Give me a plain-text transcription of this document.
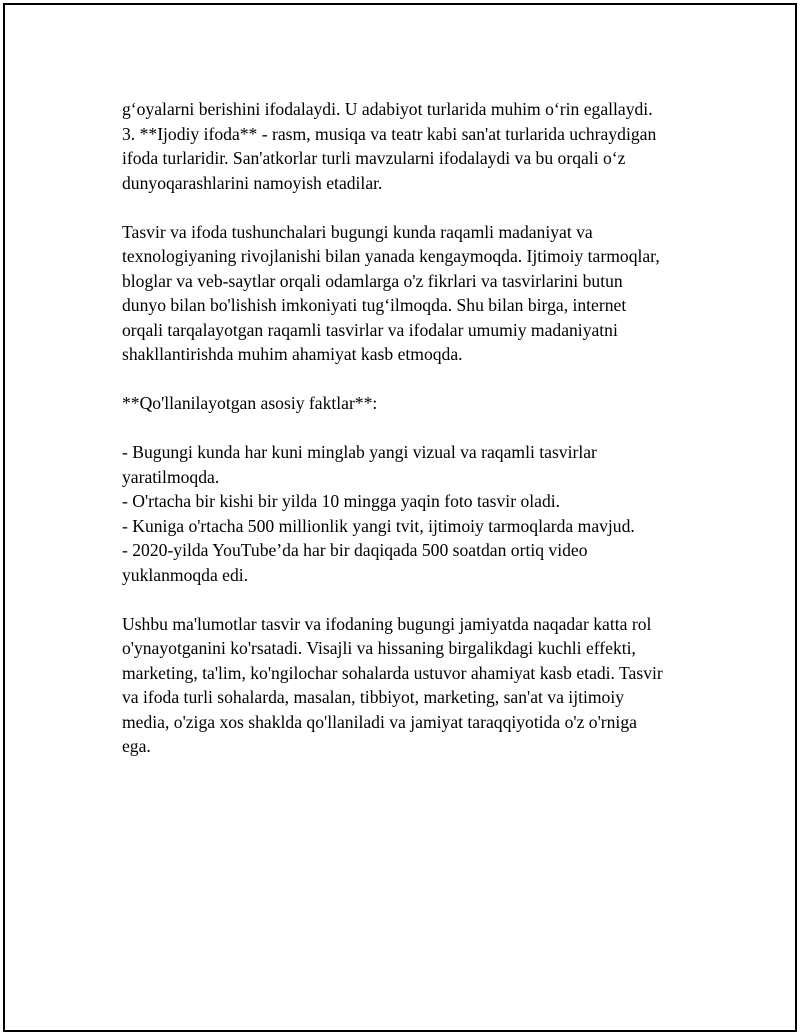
g‘oyalarni berishini ifodalaydi. U adabiyot turlarida muhim o‘rin egallaydi.
3. **Ijodiy ifoda** - rasm, musiqa va teatr kabi san'at turlarida uchraydigan
ifoda turlaridir. San'atkorlar turli mavzularni ifodalaydi va bu orqali o‘z
dunyoqarashlarini namoyish etadilar.

Tasvir va ifoda tushunchalari bugungi kunda raqamli madaniyat va
texnologiyaning rivojlanishi bilan yanada kengaymoqda. Ijtimoiy tarmoqlar,
bloglar va veb-saytlar orqali odamlarga o'z fikrlari va tasvirlarini butun
dunyo bilan bo'lishish imkoniyati tug‘ilmoqda. Shu bilan birga, internet
orqali tarqalayotgan raqamli tasvirlar va ifodalar umumiy madaniyatni
shakllantirishda muhim ahamiyat kasb etmoqda.

**Qo'llanilayotgan asosiy faktlar**:

- Bugungi kunda har kuni minglab yangi vizual va raqamli tasvirlar
yaratilmoqda.
- O'rtacha bir kishi bir yilda 10 mingga yaqin foto tasvir oladi.
- Kuniga o'rtacha 500 millionlik yangi tvit, ijtimoiy tarmoqlarda mavjud.
- 2020-yilda YouTube’da har bir daqiqada 500 soatdan ortiq video
yuklanmoqda edi.

Ushbu ma'lumotlar tasvir va ifodaning bugungi jamiyatda naqadar katta rol
o'ynayotganini ko'rsatadi. Visajli va hissaning birgalikdagi kuchli effekti,
marketing, ta'lim, ko'ngilochar sohalarda ustuvor ahamiyat kasb etadi. Tasvir
va ifoda turli sohalarda, masalan, tibbiyot, marketing, san'at va ijtimoiy
media, o'ziga xos shaklda qo'llaniladi va jamiyat taraqqiyotida o'z o'rniga
ega.
